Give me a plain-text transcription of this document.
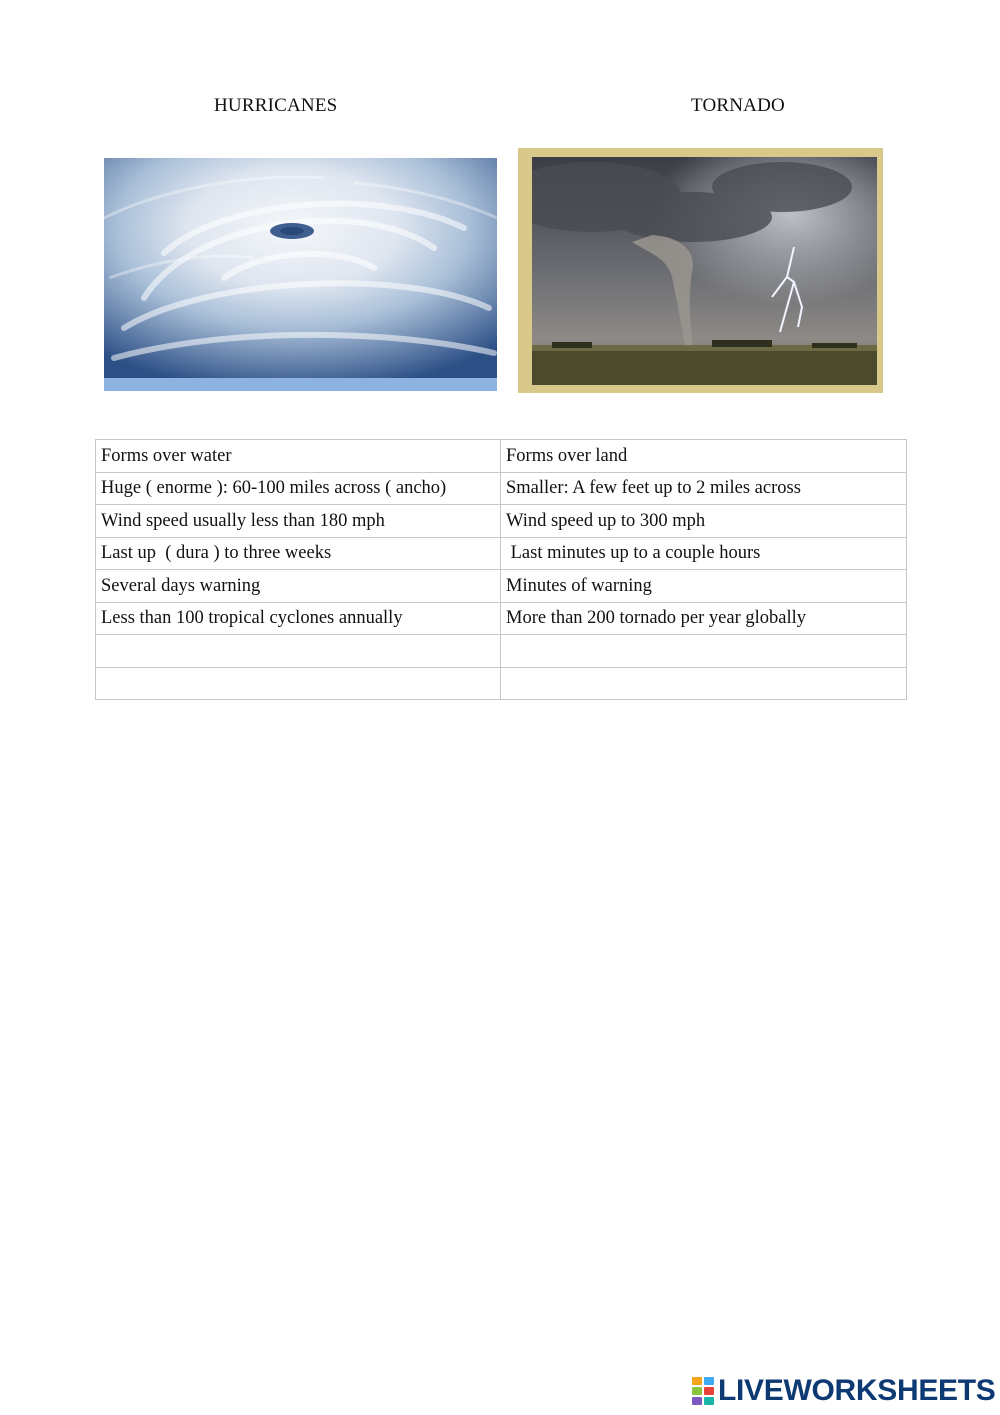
HURRICANES	TORNADO
Forms over water	Forms over land
Huge ( enorme ): 60-100 miles across ( ancho)	Smaller: A few feet up to 2 miles across
Wind speed usually less than 180 mph	Wind speed up to 300 mph
Last up  ( dura ) to three weeks	Last minutes up to a couple hours
Several days warning	Minutes of warning
Less than 100 tropical cyclones annually	More than 200 tornado per year globally

LIVEWORKSHEETS
